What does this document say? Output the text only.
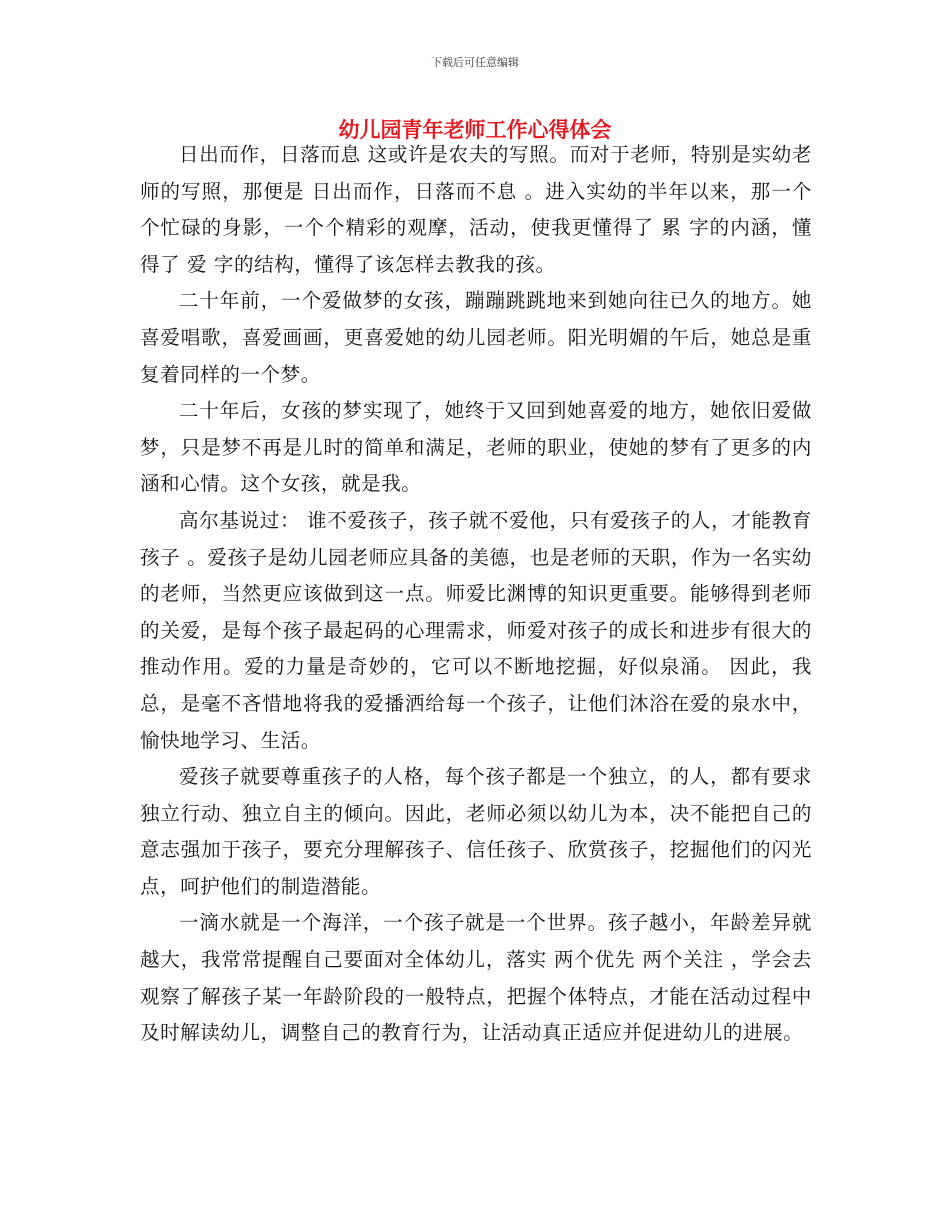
下载后可任意编辑
幼儿园青年老师工作心得体会

日出而作，日落而息 这或许是农夫的写照。而对于老师，特别是实幼老师的写照，那便是 日出而作，日落而不息 。进入实幼的半年以来，那一个个忙碌的身影，一个个精彩的观摩，活动，使我更懂得了 累 字的内涵，懂得了 爱 字的结构，懂得了该怎样去教我的孩。

二十年前，一个爱做梦的女孩，蹦蹦跳跳地来到她向往已久的地方。她喜爱唱歌，喜爱画画，更喜爱她的幼儿园老师。阳光明媚的午后，她总是重复着同样的一个梦。

二十年后，女孩的梦实现了，她终于又回到她喜爱的地方，她依旧爱做梦，只是梦不再是儿时的简单和满足，老师的职业，使她的梦有了更多的内涵和心情。这个女孩，就是我。

高尔基说过： 谁不爱孩子，孩子就不爱他，只有爱孩子的人，才能教育孩子 。爱孩子是幼儿园老师应具备的美德，也是老师的天职，作为一名实幼的老师，当然更应该做到这一点。师爱比渊博的知识更重要。能够得到老师的关爱，是每个孩子最起码的心理需求，师爱对孩子的成长和进步有很大的推动作用。爱的力量是奇妙的，它可以不断地挖掘，好似泉涌。 因此，我总，是毫不吝惜地将我的爱播洒给每一个孩子，让他们沐浴在爱的泉水中，愉快地学习、生活。

爱孩子就要尊重孩子的人格，每个孩子都是一个独立，的人，都有要求独立行动、独立自主的倾向。因此，老师必须以幼儿为本，决不能把自己的意志强加于孩子，要充分理解孩子、信任孩子、欣赏孩子，挖掘他们的闪光点，呵护他们的制造潜能。

一滴水就是一个海洋，一个孩子就是一个世界。孩子越小，年龄差异就越大，我常常提醒自己要面对全体幼儿，落实 两个优先 两个关注 ，学会去观察了解孩子某一年龄阶段的一般特点，把握个体特点，才能在活动过程中及时解读幼儿，调整自己的教育行为，让活动真正适应并促进幼儿的进展。
